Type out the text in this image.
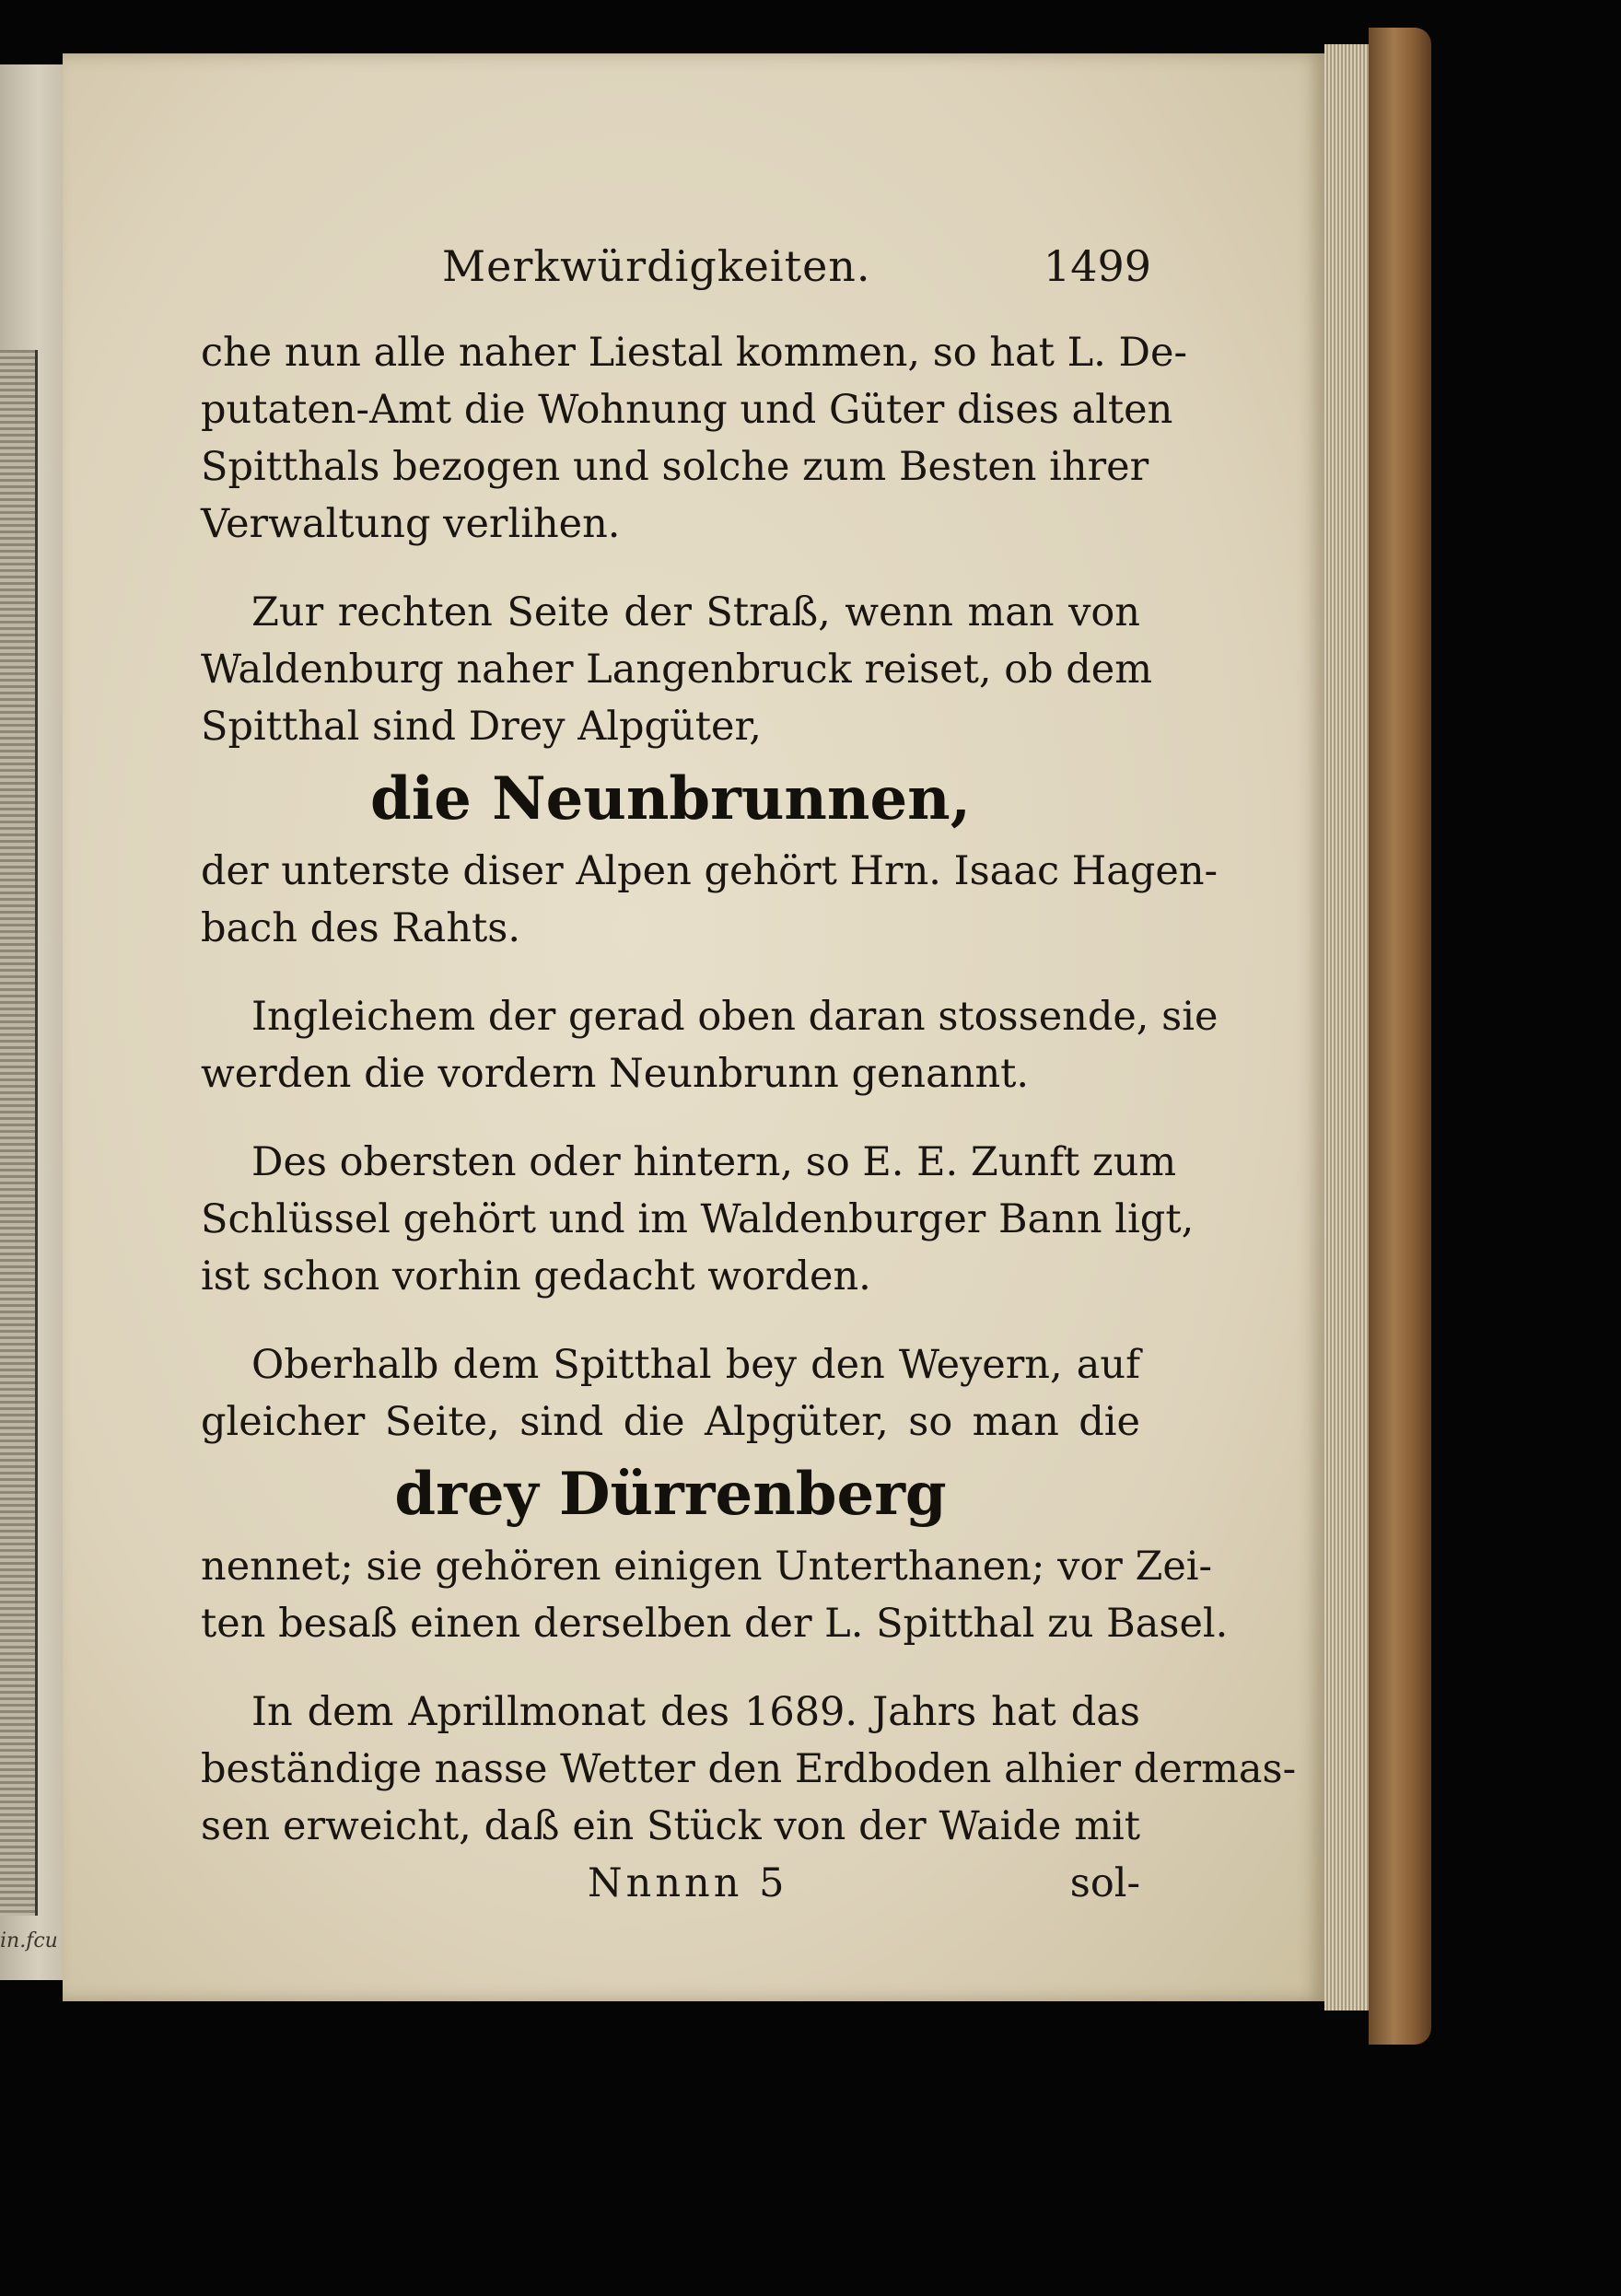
in.fcu
Merkwürdigkeiten.	1499
che nun alle naher Liestal kommen, so hat L. De-
putaten-Amt die Wohnung und Güter dises alten
Spitthals bezogen und solche zum Besten ihrer
Verwaltung verlihen.
Zur rechten Seite der Straß, wenn man von
Waldenburg naher Langenbruck reiset, ob dem
Spitthal sind Drey Alpgüter,
die Neunbrunnen,
der unterste diser Alpen gehört Hrn. Isaac Hagen-
bach des Rahts.
Ingleichem der gerad oben daran stossende, sie
werden die vordern Neunbrunn genannt.
Des obersten oder hintern, so E. E. Zunft zum
Schlüssel gehört und im Waldenburger Bann ligt,
ist schon vorhin gedacht worden.
Oberhalb dem Spitthal bey den Weyern, auf
gleicher Seite, sind die Alpgüter, so man die
drey Dürrenberg
nennet; sie gehören einigen Unterthanen; vor Zei-
ten besaß einen derselben der L. Spitthal zu Basel.
In dem Aprillmonat des 1689. Jahrs hat das
beständige nasse Wetter den Erdboden alhier dermas-
sen erweicht, daß ein Stück von der Waide mit
Nnnnn 5	sol-
